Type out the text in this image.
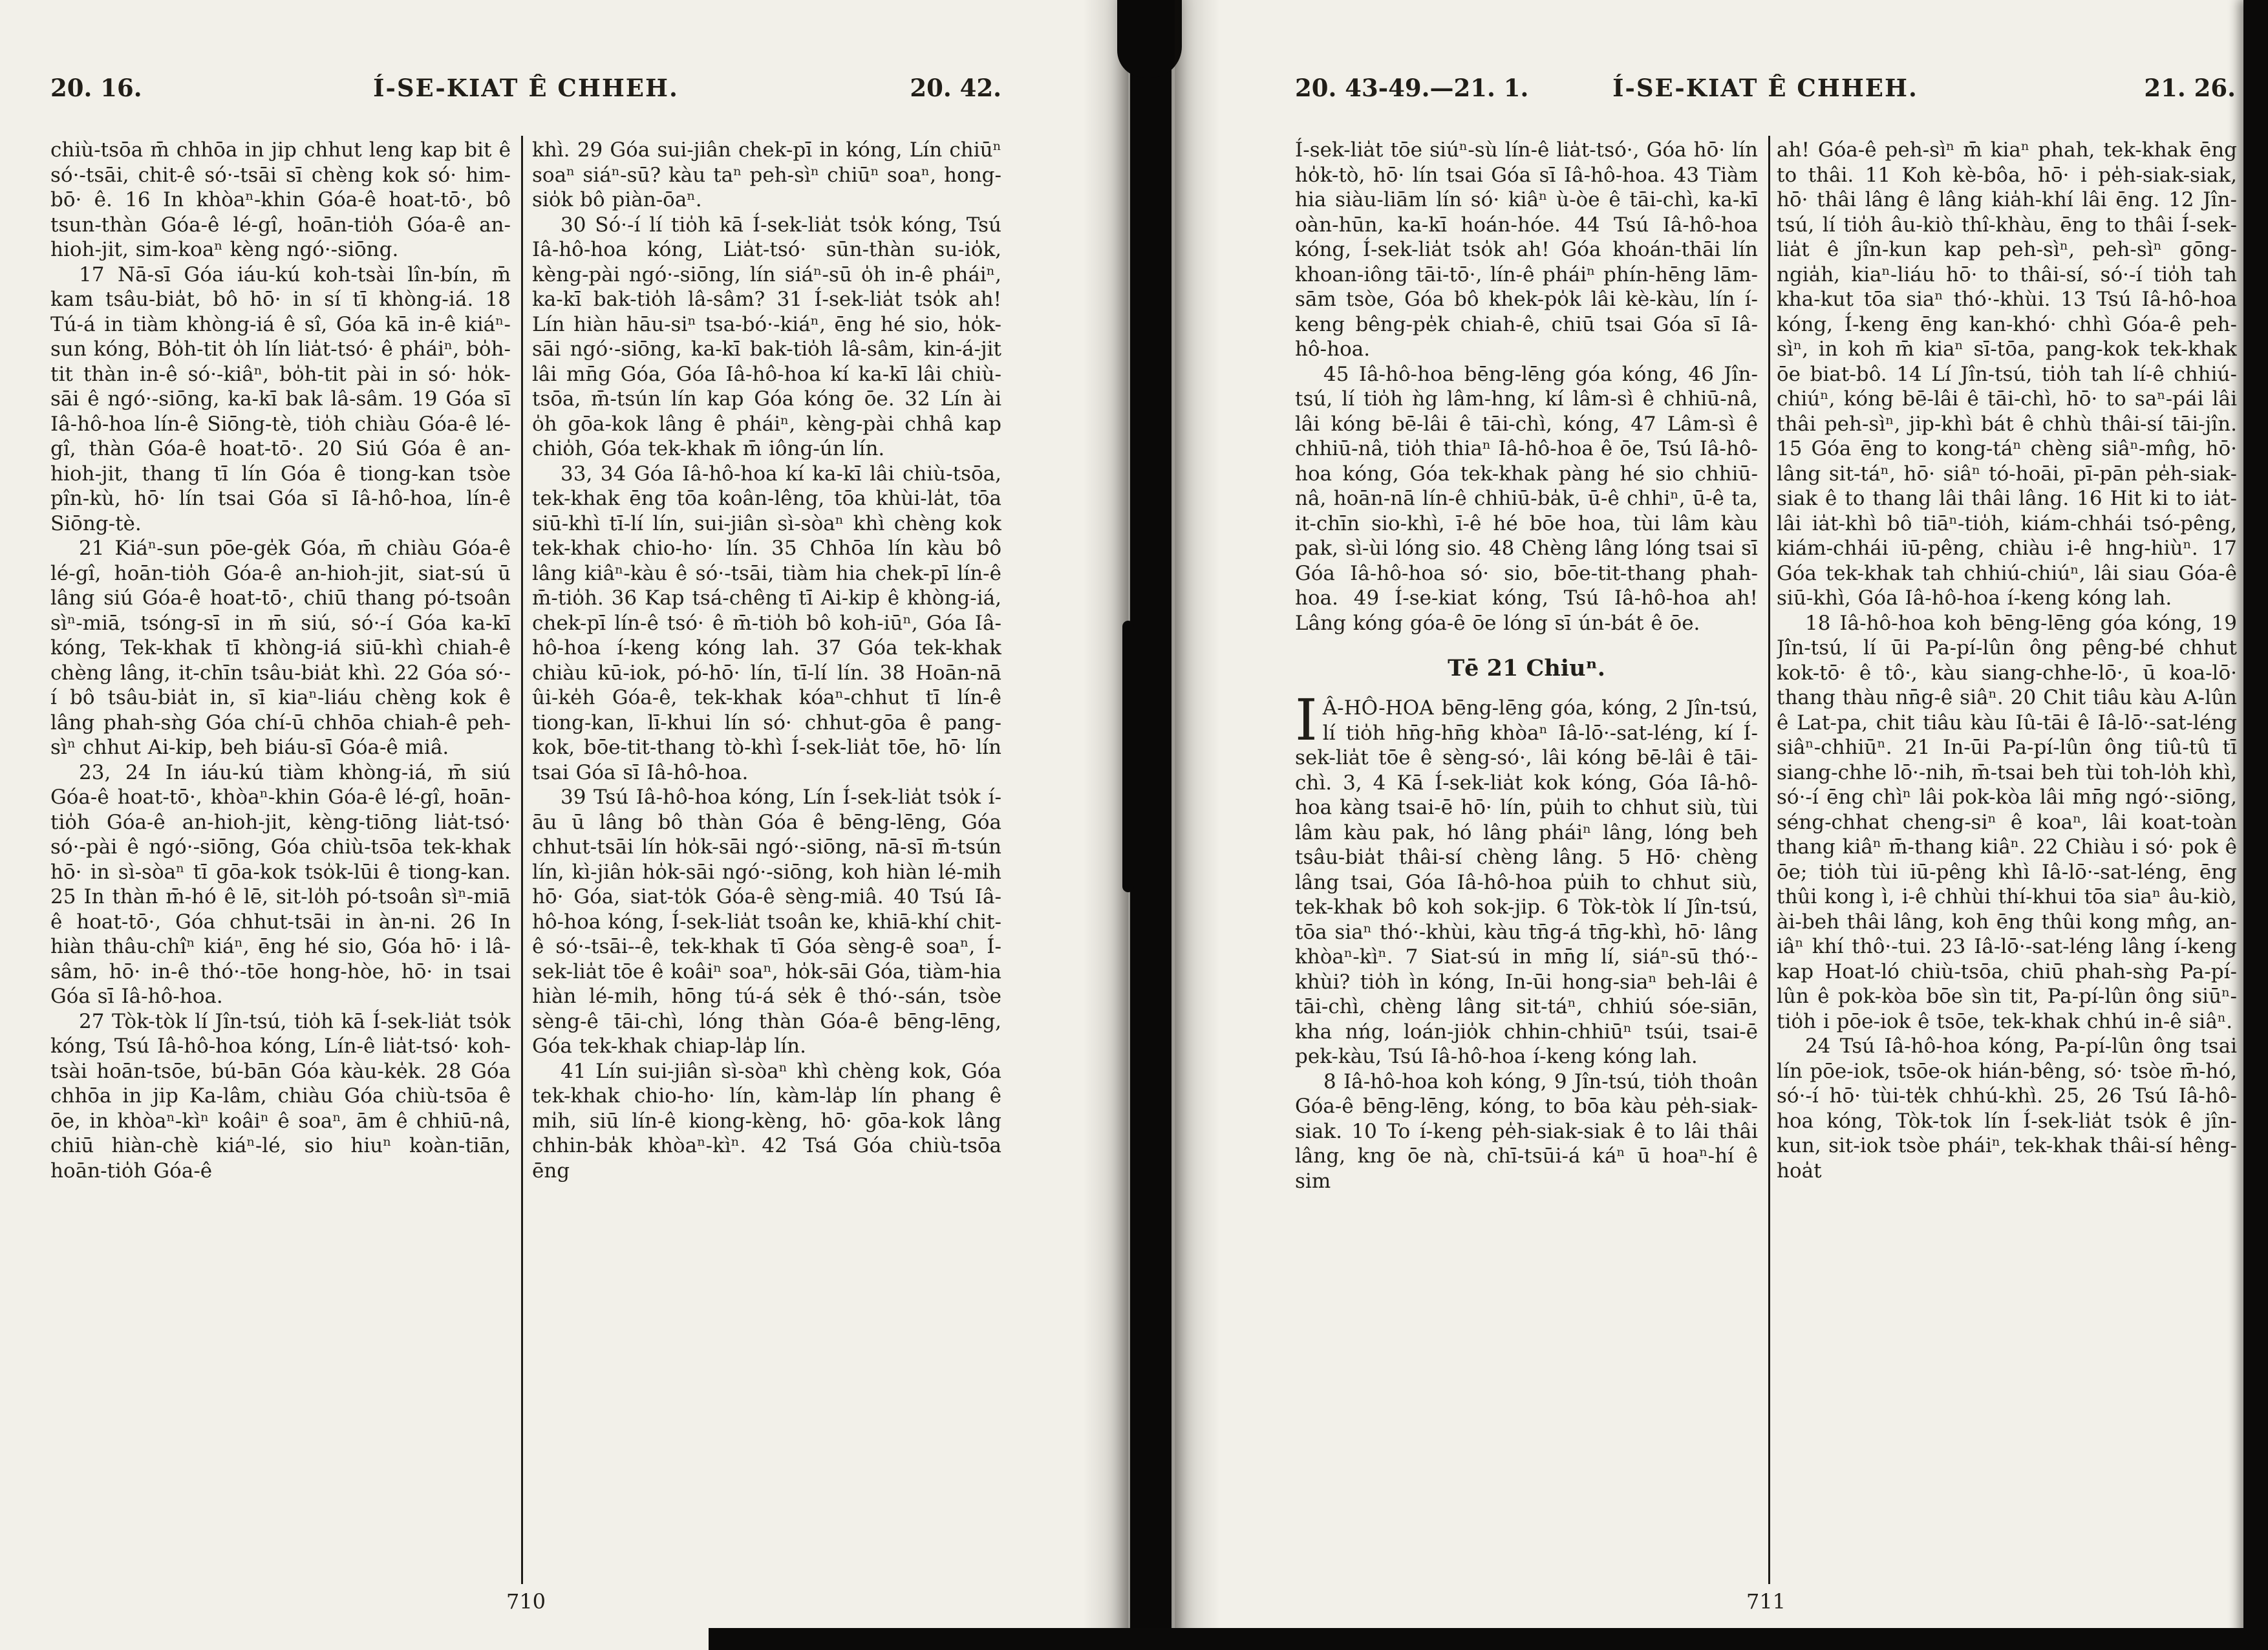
20. 16.	Í-SE-KIAT Ê CHHEH.	20. 42.

chiù-tsōa m̄ chhōa in jip chhut leng kap bit ê só·-tsāi, chit-ê só·-tsāi sī chèng kok só· him-bō· ê. 16 In khòaⁿ-khin Góa-ê hoat-tō·, bô tsun-thàn Góa-ê lé-gî, hoān-tio̍h Góa-ê an-hioh-jit, sim-koaⁿ kèng ngó·-siōng.

17 Nā-sī Góa iáu-kú koh-tsài lîn-bín, m̄ kam tsâu-bia̍t, bô hō· in sí tī khòng-iá. 18 Tú-á in tiàm khòng-iá ê sî, Góa kā in-ê kiáⁿ-sun kóng, Bo̍h-tit o̍h lín lia̍t-tsó· ê pháiⁿ, bo̍h-tit thàn in-ê só·-kiâⁿ, bo̍h-tit pài in só· ho̍k-sāi ê ngó·-siōng, ka-kī bak lâ-sâm. 19 Góa sī Iâ-hô-hoa lín-ê Siōng-tè, tio̍h chiàu Góa-ê lé-gî, thàn Góa-ê hoat-tō·. 20 Siú Góa ê an-hioh-jit, thang tī lín Góa ê tiong-kan tsòe pîn-kù, hō· lín tsai Góa sī Iâ-hô-hoa, lín-ê Siōng-tè.

21 Kiáⁿ-sun pōe-ge̍k Góa, m̄ chiàu Góa-ê lé-gî, hoān-tio̍h Góa-ê an-hioh-jit, siat-sú ū lâng siú Góa-ê hoat-tō·, chiū thang pó-tsoân sìⁿ-miā, tsóng-sī in m̄ siú, só·-í Góa ka-kī kóng, Tek-khak tī khòng-iá siū-khì chiah-ê chèng lâng, it-chīn tsâu-bia̍t khì. 22 Góa só·-í bô tsâu-bia̍t in, sī kiaⁿ-liáu chèng kok ê lâng phah-sǹg Góa chí-ū chhōa chiah-ê peh-sìⁿ chhut Ai-kip, beh biáu-sī Góa-ê miâ.

23, 24 In iáu-kú tiàm khòng-iá, m̄ siú Góa-ê hoat-tō·, khòaⁿ-khin Góa-ê lé-gî, hoān-tio̍h Góa-ê an-hioh-jit, kèng-tiōng lia̍t-tsó· só·-pài ê ngó·-siōng, Góa chiù-tsōa tek-khak hō· in sì-sòaⁿ tī gōa-kok tso̍k-lūi ê tiong-kan. 25 In thàn m̄-hó ê lē, sit-lo̍h pó-tsoân sìⁿ-miā ê hoat-tō·, Góa chhut-tsāi in àn-ni. 26 In hiàn thâu-chîⁿ kiáⁿ, ēng hé sio, Góa hō· i lâ-sâm, hō· in-ê thó·-tōe hong-hòe, hō· in tsai Góa sī Iâ-hô-hoa.

27 Tòk-tòk lí Jîn-tsú, tio̍h kā Í-sek-lia̍t tso̍k kóng, Tsú Iâ-hô-hoa kóng, Lín-ê lia̍t-tsó· koh-tsài hoān-tsōe, bú-bān Góa kàu-ke̍k. 28 Góa chhōa in jip Ka-lâm, chiàu Góa chiù-tsōa ê ōe, in khòaⁿ-kìⁿ koâiⁿ ê soaⁿ, ām ê chhiū-nâ, chiū hiàn-chè kiáⁿ-lé, sio hiuⁿ koàn-tiān, hoān-tio̍h Góa-ê

khì. 29 Góa sui-jiân chek-pī in kóng, Lín chiūⁿ soaⁿ siáⁿ-sū? kàu taⁿ peh-sìⁿ chiūⁿ soaⁿ, hong-sio̍k bô piàn-ōaⁿ.

30 Só·-í lí tio̍h kā Í-sek-lia̍t tso̍k kóng, Tsú Iâ-hô-hoa kóng, Lia̍t-tsó· sūn-thàn su-io̍k, kèng-pài ngó·-siōng, lín siáⁿ-sū o̍h in-ê pháiⁿ, ka-kī bak-tio̍h lâ-sâm? 31 Í-sek-lia̍t tso̍k ah! Lín hiàn hāu-siⁿ tsa-bó·-kiáⁿ, ēng hé sio, ho̍k-sāi ngó·-siōng, ka-kī bak-tio̍h lâ-sâm, kin-á-jit lâi mn̄g Góa, Góa Iâ-hô-hoa kí ka-kī lâi chiù-tsōa, m̄-tsún lín kap Góa kóng ōe. 32 Lín ài o̍h gōa-kok lâng ê pháiⁿ, kèng-pài chhâ kap chio̍h, Góa tek-khak m̄ iông-ún lín.

33, 34 Góa Iâ-hô-hoa kí ka-kī lâi chiù-tsōa, tek-khak ēng tōa koân-lêng, tōa khùi-la̍t, tōa siū-khì tī-lí lín, sui-jiân sì-sòaⁿ khì chèng kok tek-khak chio-ho· lín. 35 Chhōa lín kàu bô lâng kiâⁿ-kàu ê só·-tsāi, tiàm hia chek-pī lín-ê m̄-tio̍h. 36 Kap tsá-chêng tī Ai-kip ê khòng-iá, chek-pī lín-ê tsó· ê m̄-tio̍h bô koh-iūⁿ, Góa Iâ-hô-hoa í-keng kóng lah. 37 Góa tek-khak chiàu kū-iok, pó-hō· lín, tī-lí lín. 38 Hoān-nā ûi-ke̍h Góa-ê, tek-khak kóaⁿ-chhut tī lín-ê tiong-kan, lī-khui lín só· chhut-gōa ê pang-kok, bōe-tit-thang tò-khì Í-sek-lia̍t tōe, hō· lín tsai Góa sī Iâ-hô-hoa.

39 Tsú Iâ-hô-hoa kóng, Lín Í-sek-lia̍t tso̍k í-āu ū lâng bô thàn Góa ê bēng-lēng, Góa chhut-tsāi lín ho̍k-sāi ngó·-siōng, nā-sī m̄-tsún lín, kì-jiân ho̍k-sāi ngó·-siōng, koh hiàn lé-mi̍h hō· Góa, siat-to̍k Góa-ê sèng-miâ. 40 Tsú Iâ-hô-hoa kóng, Í-sek-lia̍t tsoân ke, khiā-khí chit-ê só·-tsāi--ê, tek-khak tī Góa sèng-ê soaⁿ, Í-sek-lia̍t tōe ê koâiⁿ soaⁿ, ho̍k-sāi Góa, tiàm-hia hiàn lé-mi̍h, hōng tú-á se̍k ê thó·-sán, tsòe sèng-ê tāi-chì, lóng thàn Góa-ê bēng-lēng, Góa tek-khak chiap-la̍p lín.

41 Lín sui-jiân sì-sòaⁿ khì chèng kok, Góa tek-khak chio-ho· lín, kàm-la̍p lín phang ê mi̍h, siū lín-ê kiong-kèng, hō· gōa-kok lâng chhin-ba̍k khòaⁿ-kìⁿ. 42 Tsá Góa chiù-tsōa ēng

710
20. 43-49.—21. 1.	Í-SE-KIAT Ê CHHEH.	21. 26.

Í-sek-lia̍t tōe siúⁿ-sù lín-ê lia̍t-tsó·, Góa hō· lín ho̍k-tò, hō· lín tsai Góa sī Iâ-hô-hoa. 43 Tiàm hia siàu-liām lín só· kiâⁿ ù-òe ê tāi-chì, ka-kī oàn-hūn, ka-kī hoán-hóe. 44 Tsú Iâ-hô-hoa kóng, Í-sek-lia̍t tso̍k ah! Góa khoán-thāi lín khoan-iông tāi-tō·, lín-ê pháiⁿ phín-hēng lām-sām tsòe, Góa bô khek-po̍k lâi kè-kàu, lín í-keng bêng-pe̍k chiah-ê, chiū tsai Góa sī Iâ-hô-hoa.

45 Iâ-hô-hoa bēng-lēng góa kóng, 46 Jîn-tsú, lí tio̍h ǹg lâm-hng, kí lâm-sì ê chhiū-nâ, lâi kóng bē-lâi ê tāi-chì, kóng, 47 Lâm-sì ê chhiū-nâ, tio̍h thiaⁿ Iâ-hô-hoa ê ōe, Tsú Iâ-hô-hoa kóng, Góa tek-khak pàng hé sio chhiū-nâ, hoān-nā lín-ê chhiū-ba̍k, ū-ê chhiⁿ, ū-ê ta, it-chīn sio-khì, ī-ê hé bōe hoa, tùi lâm kàu pak, sì-ùi lóng sio. 48 Chèng lâng lóng tsai sī Góa Iâ-hô-hoa só· sio, bōe-tit-thang phah-hoa. 49 Í-se-kiat kóng, Tsú Iâ-hô-hoa ah! Lâng kóng góa-ê ōe lóng sī ún-bát ê ōe.

Tē 21 Chiuⁿ.

I Â-HÔ-HOA bēng-lēng góa, kóng, 2 Jîn-tsú, lí tio̍h hn̄g-hn̄g khòaⁿ Iâ-lō·-sat-léng, kí Í-sek-lia̍t tōe ê sèng-só·, lâi kóng bē-lâi ê tāi-chì. 3, 4 Kā Í-sek-lia̍t kok kóng, Góa Iâ-hô-hoa kàng tsai-ē hō· lín, pu̍ih to chhut siù, tùi lâm kàu pak, hó lâng pháiⁿ lâng, lóng beh tsâu-bia̍t thâi-sí chèng lâng. 5 Hō· chèng lâng tsai, Góa Iâ-hô-hoa pu̍ih to chhut siù, tek-khak bô koh sok-jip. 6 Tòk-tòk lí Jîn-tsú, tōa siaⁿ thó·-khùi, kàu tn̄g-á tn̄g-khì, hō· lâng khòaⁿ-kìⁿ. 7 Siat-sú in mn̄g lí, siáⁿ-sū thó·-khùi? tio̍h ìn kóng, In-ūi hong-siaⁿ beh-lâi ê tāi-chì, chèng lâng sit-táⁿ, chhiú sóe-siān, kha nńg, loán-jio̍k chhin-chhiūⁿ tsúi, tsai-ē pek-kàu, Tsú Iâ-hô-hoa í-keng kóng lah.

8 Iâ-hô-hoa koh kóng, 9 Jîn-tsú, tio̍h thoân Góa-ê bēng-lēng, kóng, to bōa kàu pe̍h-siak-siak. 10 To í-keng pe̍h-siak-siak ê to lâi thâi lâng, kng ōe nà, chī-tsūi-á káⁿ ū hoaⁿ-hí ê sim

ah! Góa-ê peh-sìⁿ m̄ kiaⁿ phah, tek-khak ēng to thâi. 11 Koh kè-bôa, hō· i pe̍h-siak-siak, hō· thâi lâng ê lâng kia̍h-khí lâi ēng. 12 Jîn-tsú, lí tio̍h âu-kiò thî-khàu, ēng to thâi Í-sek-lia̍t ê jîn-kun kap peh-sìⁿ, peh-sìⁿ gōng-ngia̍h, kiaⁿ-liáu hō· to thâi-sí, só·-í tio̍h tah kha-kut tōa siaⁿ thó·-khùi. 13 Tsú Iâ-hô-hoa kóng, Í-keng ēng kan-khó· chhì Góa-ê peh-sìⁿ, in koh m̄ kiaⁿ sī-tōa, pang-kok tek-khak ōe biat-bô. 14 Lí Jîn-tsú, tio̍h tah lí-ê chhiú-chiúⁿ, kóng bē-lâi ê tāi-chì, hō· to saⁿ-pái lâi thâi peh-sìⁿ, jip-khì bát ê chhù thâi-sí tāi-jîn. 15 Góa ēng to kong-táⁿ chèng siâⁿ-mn̂g, hō· lâng sit-táⁿ, hō· siâⁿ tó-hoāi, pī-pān pe̍h-siak-siak ê to thang lâi thâi lâng. 16 Hit ki to ia̍t-lâi ia̍t-khì bô tiāⁿ-tio̍h, kiám-chhái tsó-pêng, kiám-chhái iū-pêng, chiàu i-ê hng-hiùⁿ. 17 Góa tek-khak tah chhiú-chiúⁿ, lâi siau Góa-ê siū-khì, Góa Iâ-hô-hoa í-keng kóng lah.

18 Iâ-hô-hoa koh bēng-lēng góa kóng, 19 Jîn-tsú, lí ūi Pa-pí-lûn ông pêng-bé chhut kok-tō· ê tô·, kàu siang-chhe-lō·, ū koa-lō· thang thàu nn̄g-ê siâⁿ. 20 Chit tiâu kàu A-lûn ê Lat-pa, chit tiâu kàu Iû-tāi ê Iâ-lō·-sat-léng siâⁿ-chhiūⁿ. 21 In-ūi Pa-pí-lûn ông tiû-tû tī siang-chhe lō·-nih, m̄-tsai beh tùi toh-lo̍h khì, só·-í ēng chìⁿ lâi pok-kòa lâi mn̄g ngó·-siōng, séng-chhat cheng-siⁿ ê koaⁿ, lâi koat-toàn thang kiâⁿ m̄-thang kiâⁿ. 22 Chiàu i só· pok ê ōe; tio̍h tùi iū-pêng khì Iâ-lō·-sat-léng, ēng thûi kong ì, i-ê chhùi thí-khui tōa siaⁿ âu-kiò, ài-beh thâi lâng, koh ēng thûi kong mn̂g, an-iâⁿ khí thô·-tui. 23 Iâ-lō·-sat-léng lâng í-keng kap Hoat-ló chiù-tsōa, chiū phah-sǹg Pa-pí-lûn ê pok-kòa bōe sìn tit, Pa-pí-lûn ông siūⁿ-tio̍h i pōe-iok ê tsōe, tek-khak chhú in-ê siâⁿ.

24 Tsú Iâ-hô-hoa kóng, Pa-pí-lûn ông tsai lín pōe-iok, tsōe-ok hián-bêng, só· tsòe m̄-hó, só·-í hō· tùi-te̍k chhú-khì. 25, 26 Tsú Iâ-hô-hoa kóng, Tòk-tok lín Í-sek-lia̍t tso̍k ê jîn-kun, sit-iok tsòe pháiⁿ, tek-khak thâi-sí hêng-hoa̍t

711
